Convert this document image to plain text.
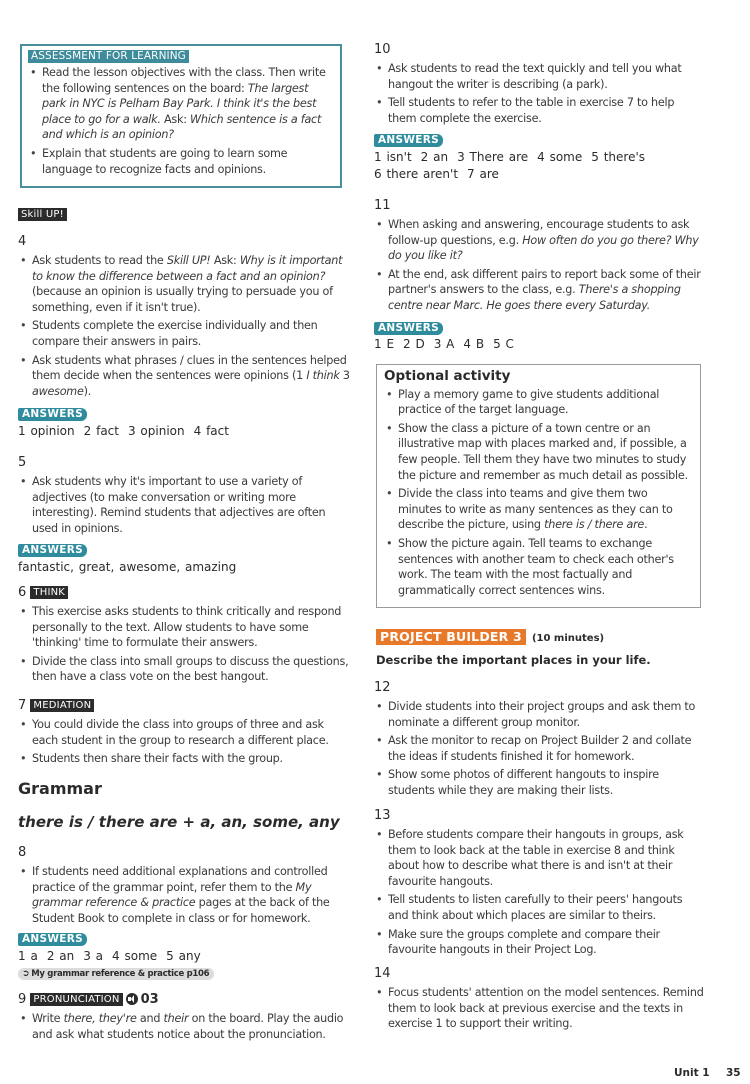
ASSESSMENT FOR LEARNING
• Read the lesson objectives with the class. Then write the following sentences on the board: The largest park in NYC is Pelham Bay Park. I think it's the best place to go for a walk. Ask: Which sentence is a fact and which is an opinion?
• Explain that students are going to learn some language to recognize facts and opinions.
Skill UP!
4
• Ask students to read the Skill UP! Ask: Why is it important to know the difference between a fact and an opinion? (because an opinion is usually trying to persuade you of something, even if it isn't true).
• Students complete the exercise individually and then compare their answers in pairs.
• Ask students what phrases / clues in the sentences helped them decide when the sentences were opinions (1 I think 3 awesome).
ANSWERS
1 opinion 2 fact 3 opinion 4 fact
5
• Ask students why it's important to use a variety of adjectives (to make conversation or writing more interesting). Remind students that adjectives are often used in opinions.
ANSWERS
fantastic, great, awesome, amazing
6 THINK
• This exercise asks students to think critically and respond personally to the text. Allow students to have some 'thinking' time to formulate their answers.
• Divide the class into small groups to discuss the questions, then have a class vote on the best hangout.
7 MEDIATION
• You could divide the class into groups of three and ask each student in the group to research a different place.
• Students then share their facts with the group.
Grammar
there is / there are + a, an, some, any
8
• If students need additional explanations and controlled practice of the grammar point, refer them to the My grammar reference & practice pages at the back of the Student Book to complete in class or for homework.
ANSWERS
1 a 2 an 3 a 4 some 5 any
➲ My grammar reference & practice p106
9 PRONUNCIATION 03
• Write there, they're and their on the board. Play the audio and ask what students notice about the pronunciation.
10
• Ask students to read the text quickly and tell you what hangout the writer is describing (a park).
• Tell students to refer to the table in exercise 7 to help them complete the exercise.
ANSWERS
1 isn't 2 an 3 There are 4 some 5 there's
6 there aren't 7 are
11
• When asking and answering, encourage students to ask follow-up questions, e.g. How often do you go there? Why do you like it?
• At the end, ask different pairs to report back some of their partner's answers to the class, e.g. There's a shopping centre near Marc. He goes there every Saturday.
ANSWERS
1 E 2 D 3 A 4 B 5 C
Optional activity
• Play a memory game to give students additional practice of the target language.
• Show the class a picture of a town centre or an illustrative map with places marked and, if possible, a few people. Tell them they have two minutes to study the picture and remember as much detail as possible.
• Divide the class into teams and give them two minutes to write as many sentences as they can to describe the picture, using there is / there are.
• Show the picture again. Tell teams to exchange sentences with another team to check each other's work. The team with the most factually and grammatically correct sentences wins.
PROJECT BUILDER 3 (10 minutes)
Describe the important places in your life.
12
• Divide students into their project groups and ask them to nominate a different group monitor.
• Ask the monitor to recap on Project Builder 2 and collate the ideas if students finished it for homework.
• Show some photos of different hangouts to inspire students while they are making their lists.
13
• Before students compare their hangouts in groups, ask them to look back at the table in exercise 8 and think about how to describe what there is and isn't at their favourite hangouts.
• Tell students to listen carefully to their peers' hangouts and think about which places are similar to theirs.
• Make sure the groups complete and compare their favourite hangouts in their Project Log.
14
• Focus students' attention on the model sentences. Remind them to look back at previous exercise and the texts in exercise 1 to support their writing.
Unit 1 35
